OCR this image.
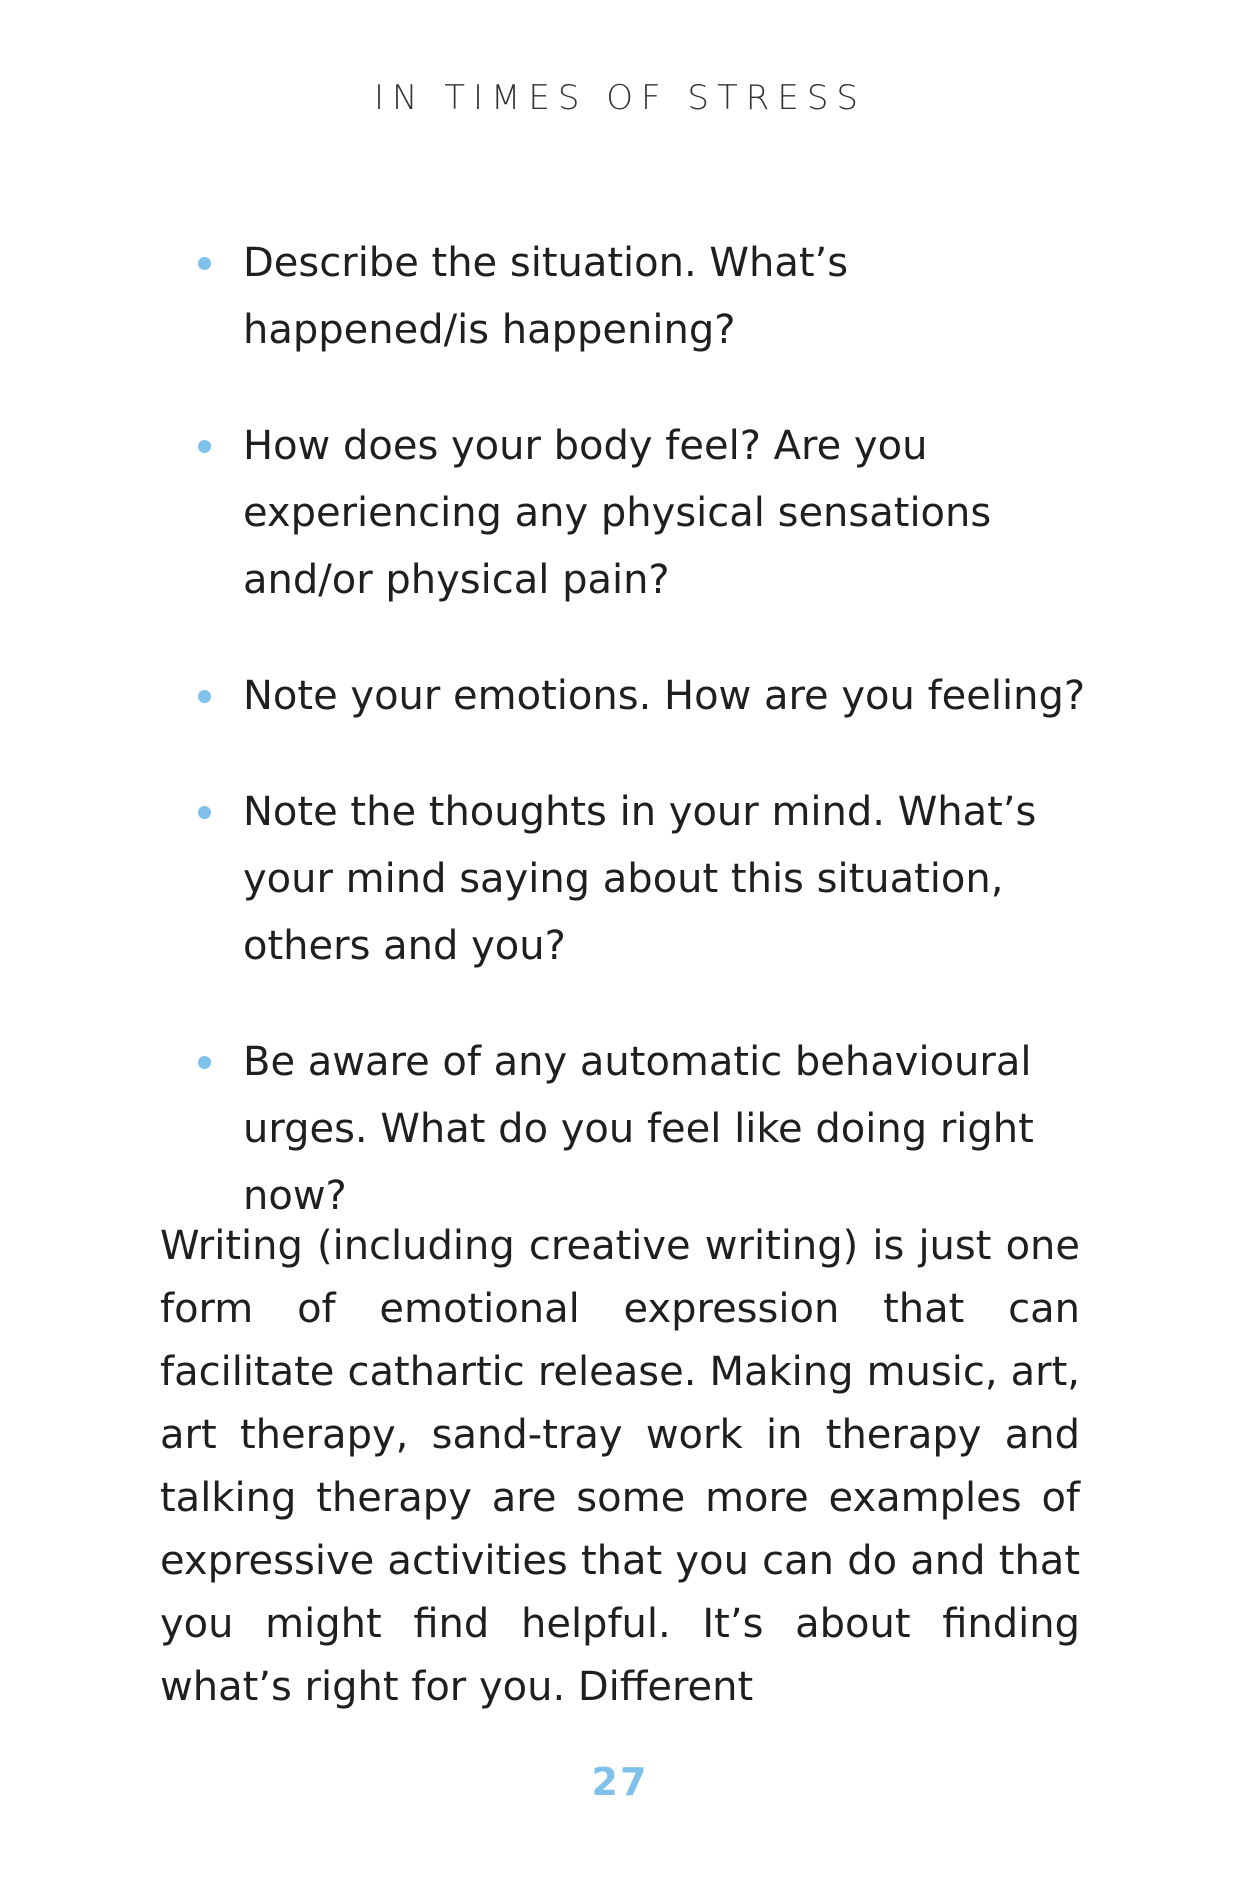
IN TIMES OF STRESS
Describe the situation. What’s happened/is happening?
How does your body feel? Are you experiencing any physical sensations and/or physical pain?
Note your emotions. How are you feeling?
Note the thoughts in your mind. What’s your mind saying about this situation, others and you?
Be aware of any automatic behavioural urges. What do you feel like doing right now?

Writing (including creative writing) is just one form of emotional expression that can facilitate cathartic release. Making music, art, art therapy, sand-tray work in therapy and talking therapy are some more examples of expressive activities that you can do and that you might find helpful. It’s about finding what’s right for you. Different

27
